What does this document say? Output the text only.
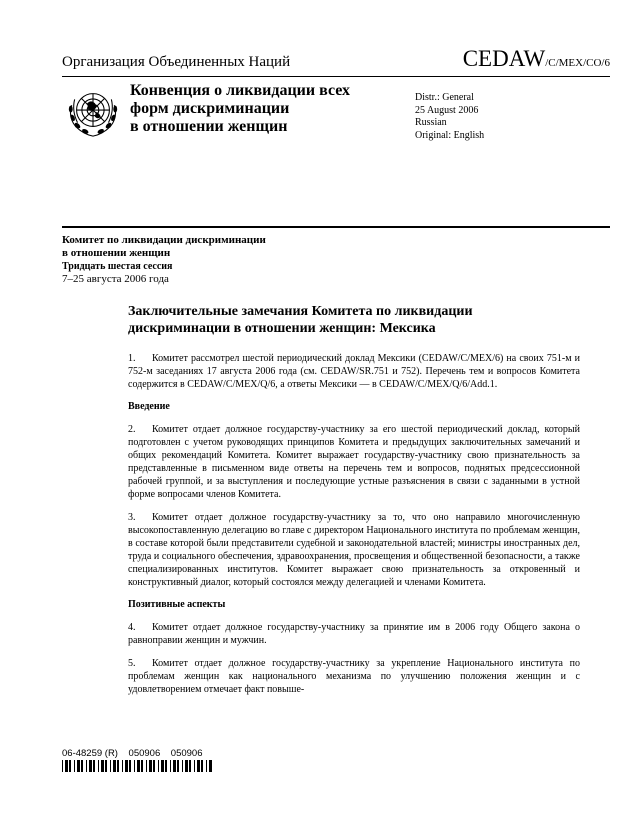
Организация Объединенных Наций	CEDAW/C/MEX/CO/6
Конвенция о ликвидации всех
форм дискриминации
в отношении женщин
Distr.: General
25 August 2006
Russian
Original: English
Комитет по ликвидации дискриминации
в отношении женщин
Тридцать шестая сессия
7–25 августа 2006 года
Заключительные замечания Комитета по ликвидации
дискриминации в отношении женщин: Мексика

1. Комитет рассмотрел шестой периодический доклад Мексики (CEDAW/C/MEX/6) на своих 751-м и 752-м заседаниях 17 августа 2006 года (см. CEDAW/SR.751 и 752). Перечень тем и вопросов Комитета содержится в CEDAW/C/MEX/Q/6, а ответы Мексики — в CEDAW/C/MEX/Q/6/Add.1.

Введение

2. Комитет отдает должное государству-участнику за его шестой периодический доклад, который подготовлен с учетом руководящих принципов Комитета и предыдущих заключительных замечаний и общих рекомендаций Комитета. Комитет выражает государству-участнику свою признательность за представленные в письменном виде ответы на перечень тем и вопросов, поднятых предсессионной рабочей группой, и за выступления и последующие устные разъяснения в связи с заданными в устной форме вопросами членов Комитета.

3. Комитет отдает должное государству-участнику за то, что оно направило многочисленную высокопоставленную делегацию во главе с директором Национального института по проблемам женщин, в составе которой были представители судебной и законодательной властей; министры иностранных дел, труда и социального обеспечения, здравоохранения, просвещения и общественной безопасности, а также специализированных институтов. Комитет выражает свою признательность за откровенный и конструктивный диалог, который состоялся между делегацией и членами Комитета.

Позитивные аспекты

4. Комитет отдает должное государству-участнику за принятие им в 2006 году Общего закона о равноправии женщин и мужчин.

5. Комитет отдает должное государству-участнику за укрепление Национального института по проблемам женщин как национального механизма по улучшению положения женщин и с удовлетворением отмечает факт повыше-

06-48259 (R)    050906    050906
